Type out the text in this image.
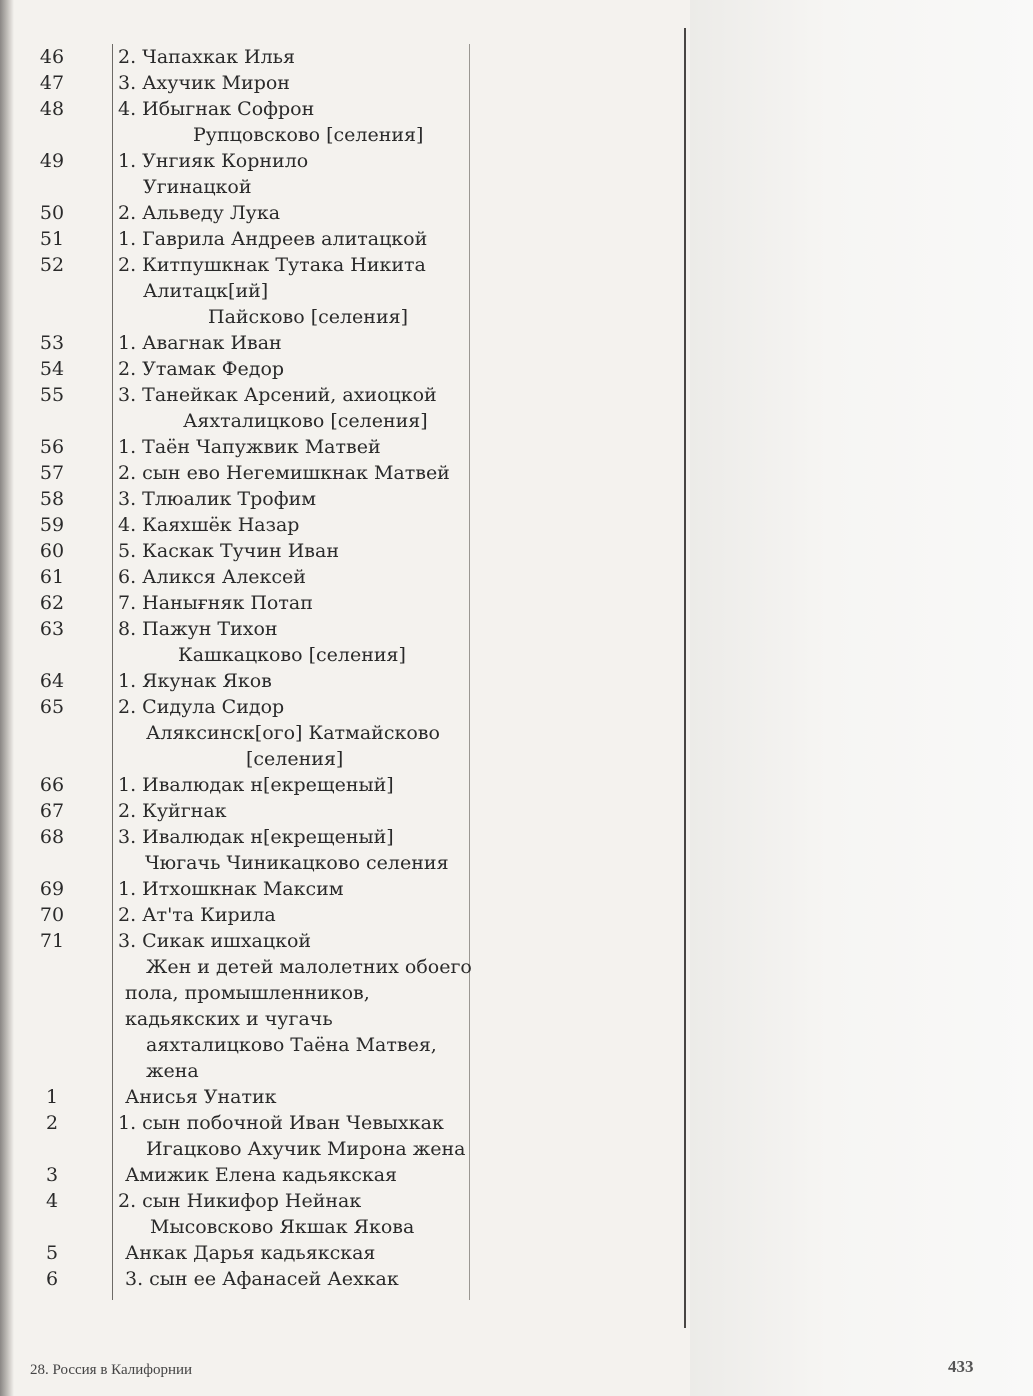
46	2. Чапахкак Илья
47	3. Ахучик Мирон
48	4. Ибыгнак Софрон
Рупцовсково [селения]
49	1. Унгияк Корнило
Угинацкой
50	2. Альведу Лука
51	1. Гаврила Андреев алитацкой
52	2. Китпушкнак Тутака Никита
Алитацк[ий]
Пайсково [селения]
53	1. Авагнак Иван
54	2. Утамак Федор
55	3. Танейкак Арсений, ахиоцкой
Аяхталицково [селения]
56	1. Таён Чапужвик Матвей
57	2. сын ево Негемишкнак Матвей
58	3. Тлюалик Трофим
59	4. Каяхшёк Назар
60	5. Каскак Тучин Иван
61	6. Аликся Алексей
62	7. Нанығняк Потап
63	8. Пажун Тихон
Кашкацково [селения]
64	1. Якунак Яков
65	2. Сидула Сидор
Аляксинск[ого] Катмайсково
[селения]
66	1. Ивалюдак н[екрещеный]
67	2. Куйгнак
68	3. Ивалюдак н[екрещеный]
Чюгачь Чиникацково селения
69	1. Итхошкнак Максим
70	2. Ат'та Кирила
71	3. Сикак ишхацкой
Жен и детей малолетних обоего
пола, промышленников,
кадьякских и чугачь
аяхталицково Таёна Матвея,
жена
1	Анисья Унатик
2	1. сын побочной Иван Чевыхкак
Игацково Ахучик Мирона жена
3	Амижик Елена кадьякская
4	2. сын Никифор Нейнак
Мысовсково Якшак Якова
5	Анкак Дарья кадьякская
6	3. сын ее Афанасей Аехкак
28. Россия в Калифорнии	433
